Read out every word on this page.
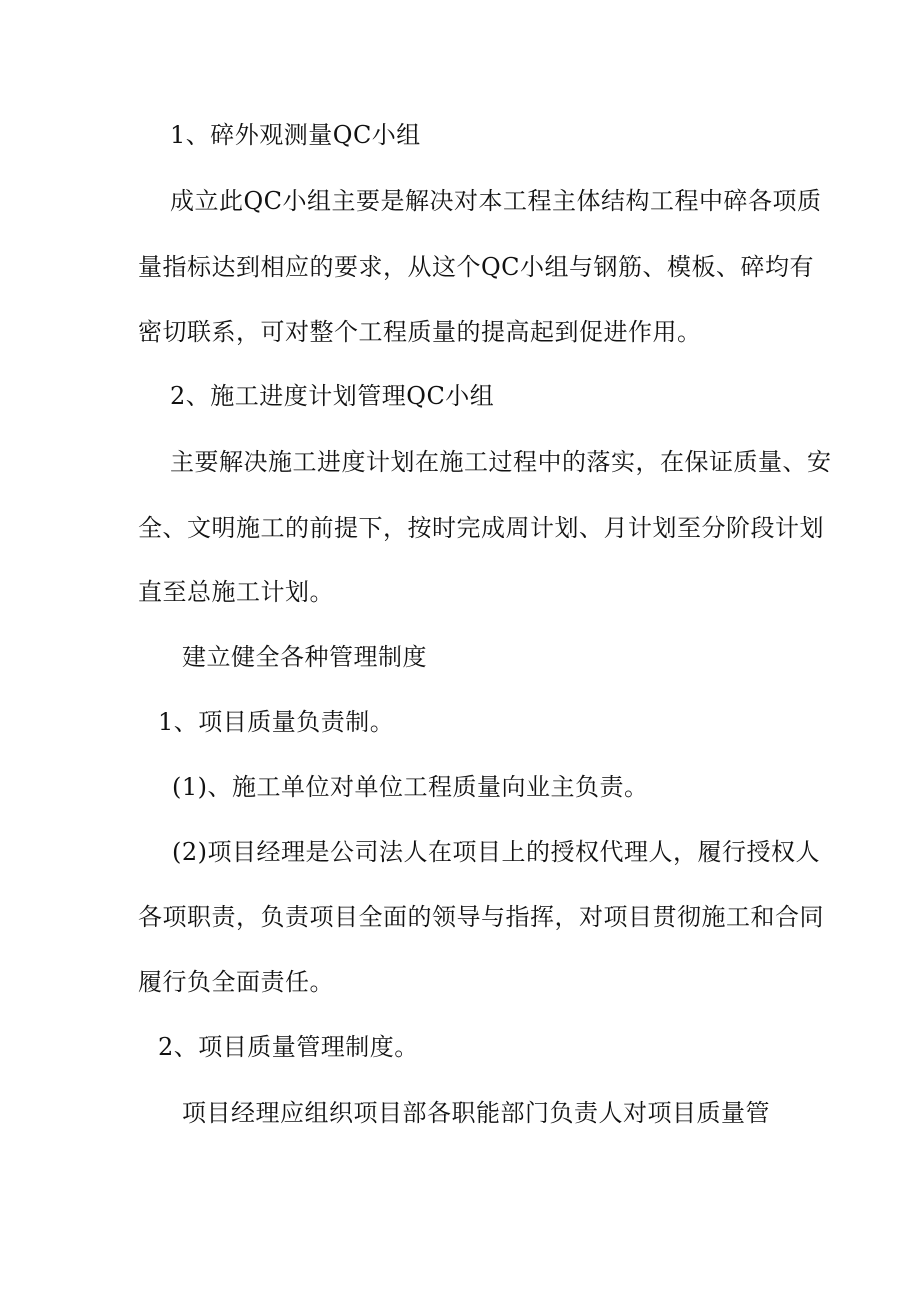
1、碎外观测量QC小组
成立此QC小组主要是解决对本工程主体结构工程中碎各项质
量指标达到相应的要求，从这个QC小组与钢筋、模板、碎均有
密切联系，可对整个工程质量的提高起到促进作用。
2、施工进度计划管理QC小组
主要解决施工进度计划在施工过程中的落实，在保证质量、安
全、文明施工的前提下，按时完成周计划、月计划至分阶段计划
直至总施工计划。
建立健全各种管理制度
1、项目质量负责制。
(1)、施工单位对单位工程质量向业主负责。
(2)项目经理是公司法人在项目上的授权代理人，履行授权人
各项职责，负责项目全面的领导与指挥，对项目贯彻施工和合同
履行负全面责任。
2、项目质量管理制度。
项目经理应组织项目部各职能部门负责人对项目质量管
